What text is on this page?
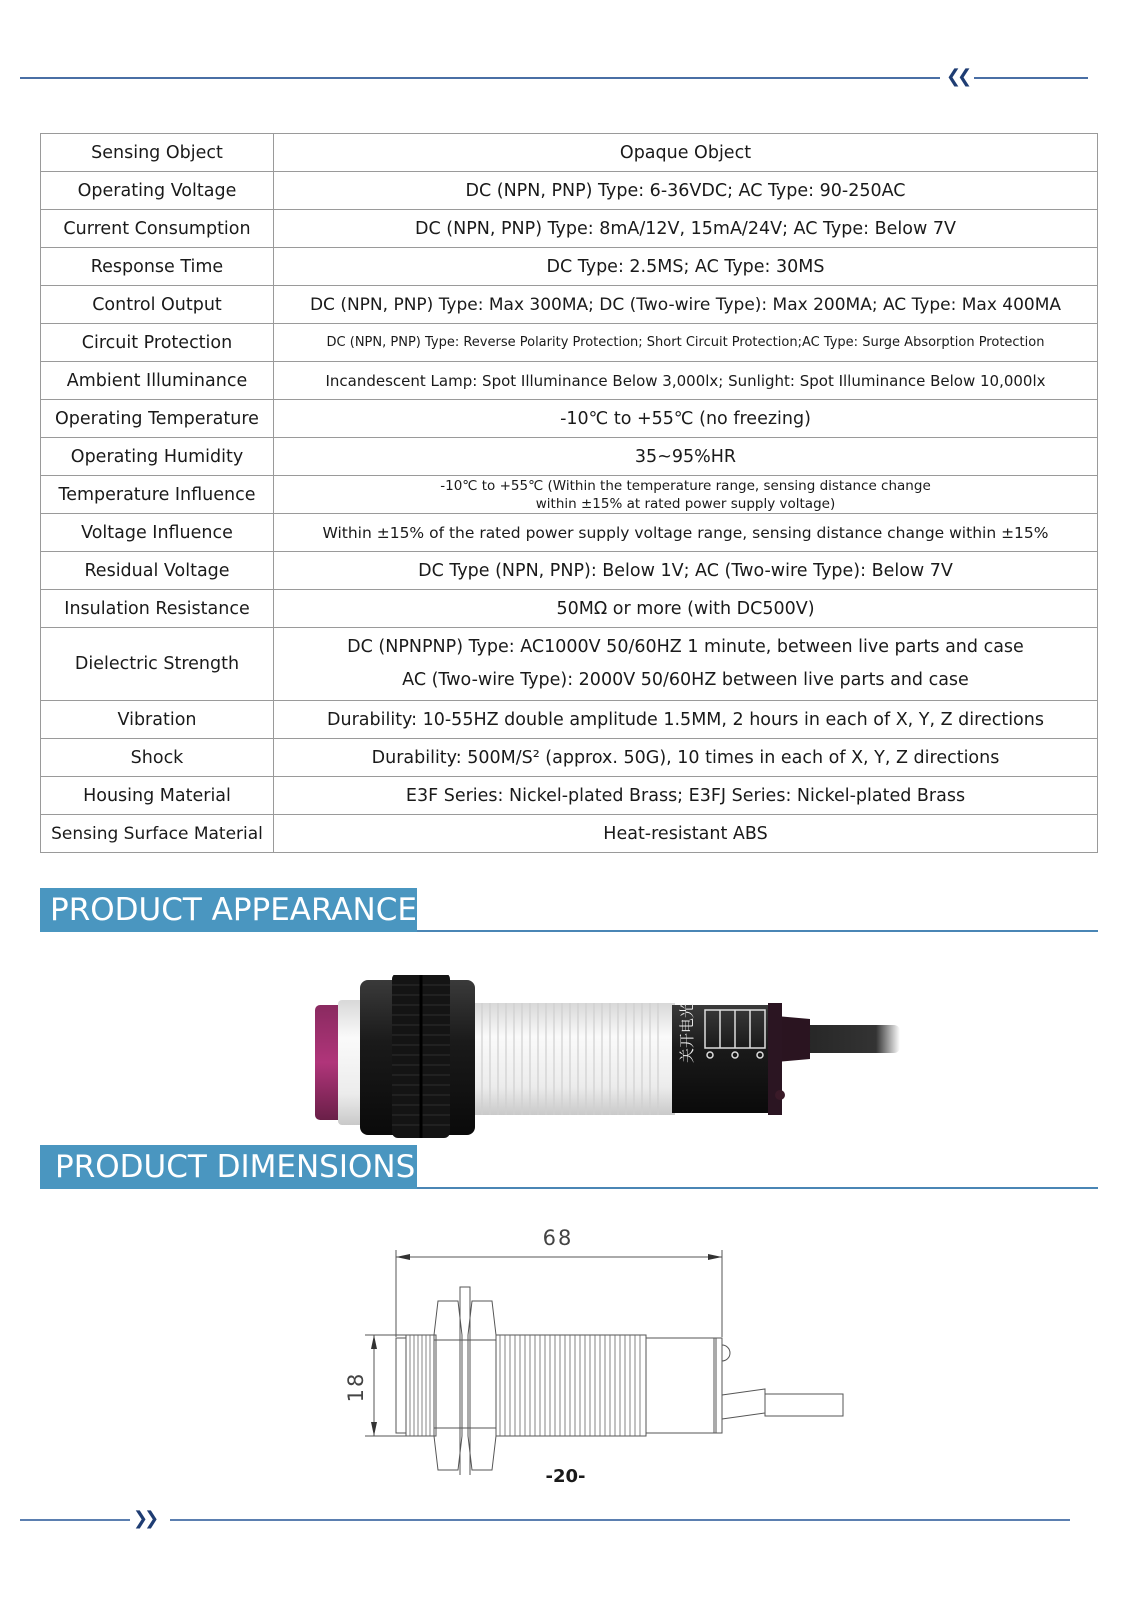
❮❮
Sensing Object	Opaque Object
Operating Voltage	DC (NPN, PNP) Type: 6-36VDC; AC Type: 90-250AC
Current Consumption	DC (NPN, PNP) Type: 8mA/12V, 15mA/24V; AC Type: Below 7V
Response Time	DC Type: 2.5MS; AC Type: 30MS
Control Output	DC (NPN, PNP) Type: Max 300MA; DC (Two-wire Type): Max 200MA; AC Type: Max 400MA
Circuit Protection	DC (NPN, PNP) Type: Reverse Polarity Protection; Short Circuit Protection;AC Type: Surge Absorption Protection
Ambient Illuminance	Incandescent Lamp: Spot Illuminance Below 3,000lx; Sunlight: Spot Illuminance Below 10,000lx
Operating Temperature	-10℃ to +55℃ (no freezing)
Operating Humidity	35~95%HR
Temperature Influence	-10℃ to +55℃ (Within the temperature range, sensing distance change
within ±15% at rated power supply voltage)

Voltage Influence	Within ±15% of the rated power supply voltage range, sensing distance change within ±15%
Residual Voltage	DC Type (NPN, PNP): Below 1V; AC (Two-wire Type): Below 7V
Insulation Resistance	50MΩ or more (with DC500V)
Dielectric Strength	DC (NPNPNP) Type: AC1000V 50/60HZ 1 minute, between live parts and case
AC (Two-wire Type): 2000V 50/60HZ between live parts and case

Vibration	Durability: 10-55HZ double amplitude 1.5MM, 2 hours in each of X, Y, Z directions
Shock	Durability: 500M/S² (approx. 50G), 10 times in each of X, Y, Z directions
Housing Material	E3F Series: Nickel-plated Brass; E3FJ Series: Nickel-plated Brass
Sensing Surface Material	Heat-resistant ABS
PRODUCT APPEARANCE
关开电光
PRODUCT DIMENSIONS
68
18
-20-
❯❯
